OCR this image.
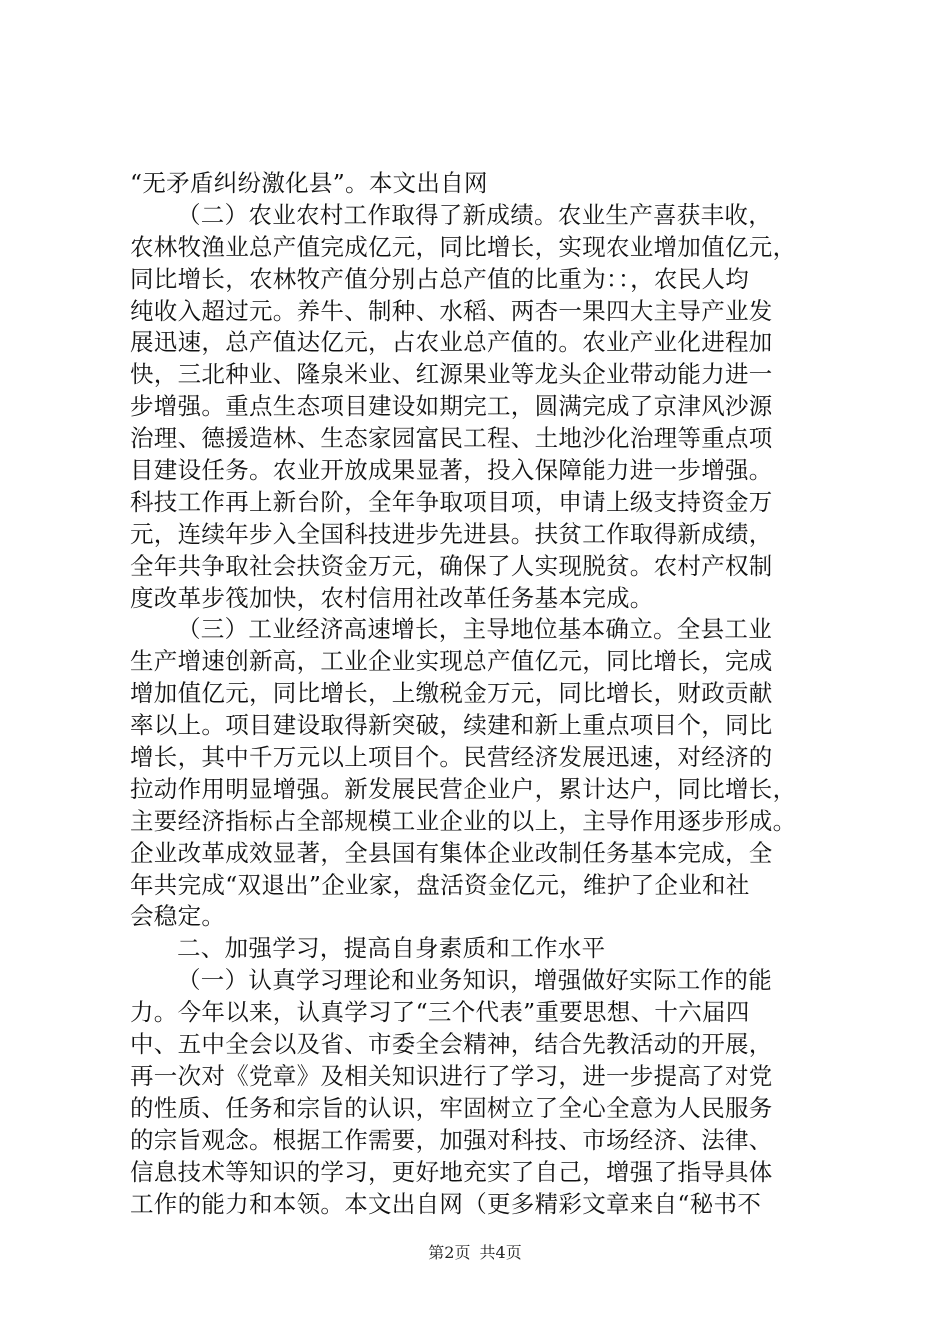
“无矛盾纠纷激化县”。本文出自网
（二）农业农村工作取得了新成绩。农业生产喜获丰收，
农林牧渔业总产值完成亿元，同比增长，实现农业增加值亿元，
同比增长，农林牧产值分别占总产值的比重为：：，农民人均
纯收入超过元。养牛、制种、水稻、两杏一果四大主导产业发
展迅速，总产值达亿元，占农业总产值的。农业产业化进程加
快，三北种业、隆泉米业、红源果业等龙头企业带动能力进一
步增强。重点生态项目建设如期完工，圆满完成了京津风沙源
治理、德援造林、生态家园富民工程、土地沙化治理等重点项
目建设任务。农业开放成果显著，投入保障能力进一步增强。
科技工作再上新台阶，全年争取项目项，申请上级支持资金万
元，连续年步入全国科技进步先进县。扶贫工作取得新成绩，
全年共争取社会扶资金万元，确保了人实现脱贫。农村产权制
度改革步筏加快，农村信用社改革任务基本完成。
（三）工业经济高速增长，主导地位基本确立。全县工业
生产增速创新高，工业企业实现总产值亿元，同比增长，完成
增加值亿元，同比增长，上缴税金万元，同比增长，财政贡献
率以上。项目建设取得新突破，续建和新上重点项目个，同比
增长，其中千万元以上项目个。民营经济发展迅速，对经济的
拉动作用明显增强。新发展民营企业户，累计达户，同比增长，
主要经济指标占全部规模工业企业的以上，主导作用逐步形成。
企业改革成效显著，全县国有集体企业改制任务基本完成，全
年共完成“双退出”企业家，盘活资金亿元，维护了企业和社
会稳定。
二、加强学习，提高自身素质和工作水平
（一）认真学习理论和业务知识，增强做好实际工作的能
力。今年以来，认真学习了“三个代表”重要思想、十六届四
中、五中全会以及省、市委全会精神，结合先教活动的开展，
再一次对《党章》及相关知识进行了学习，进一步提高了对党
的性质、任务和宗旨的认识，牢固树立了全心全意为人民服务
的宗旨观念。根据工作需要，加强对科技、市场经济、法律、
信息技术等知识的学习，更好地充实了自己，增强了指导具体
工作的能力和本领。本文出自网（更多精彩文章来自“秘书不
第2页 共4页
